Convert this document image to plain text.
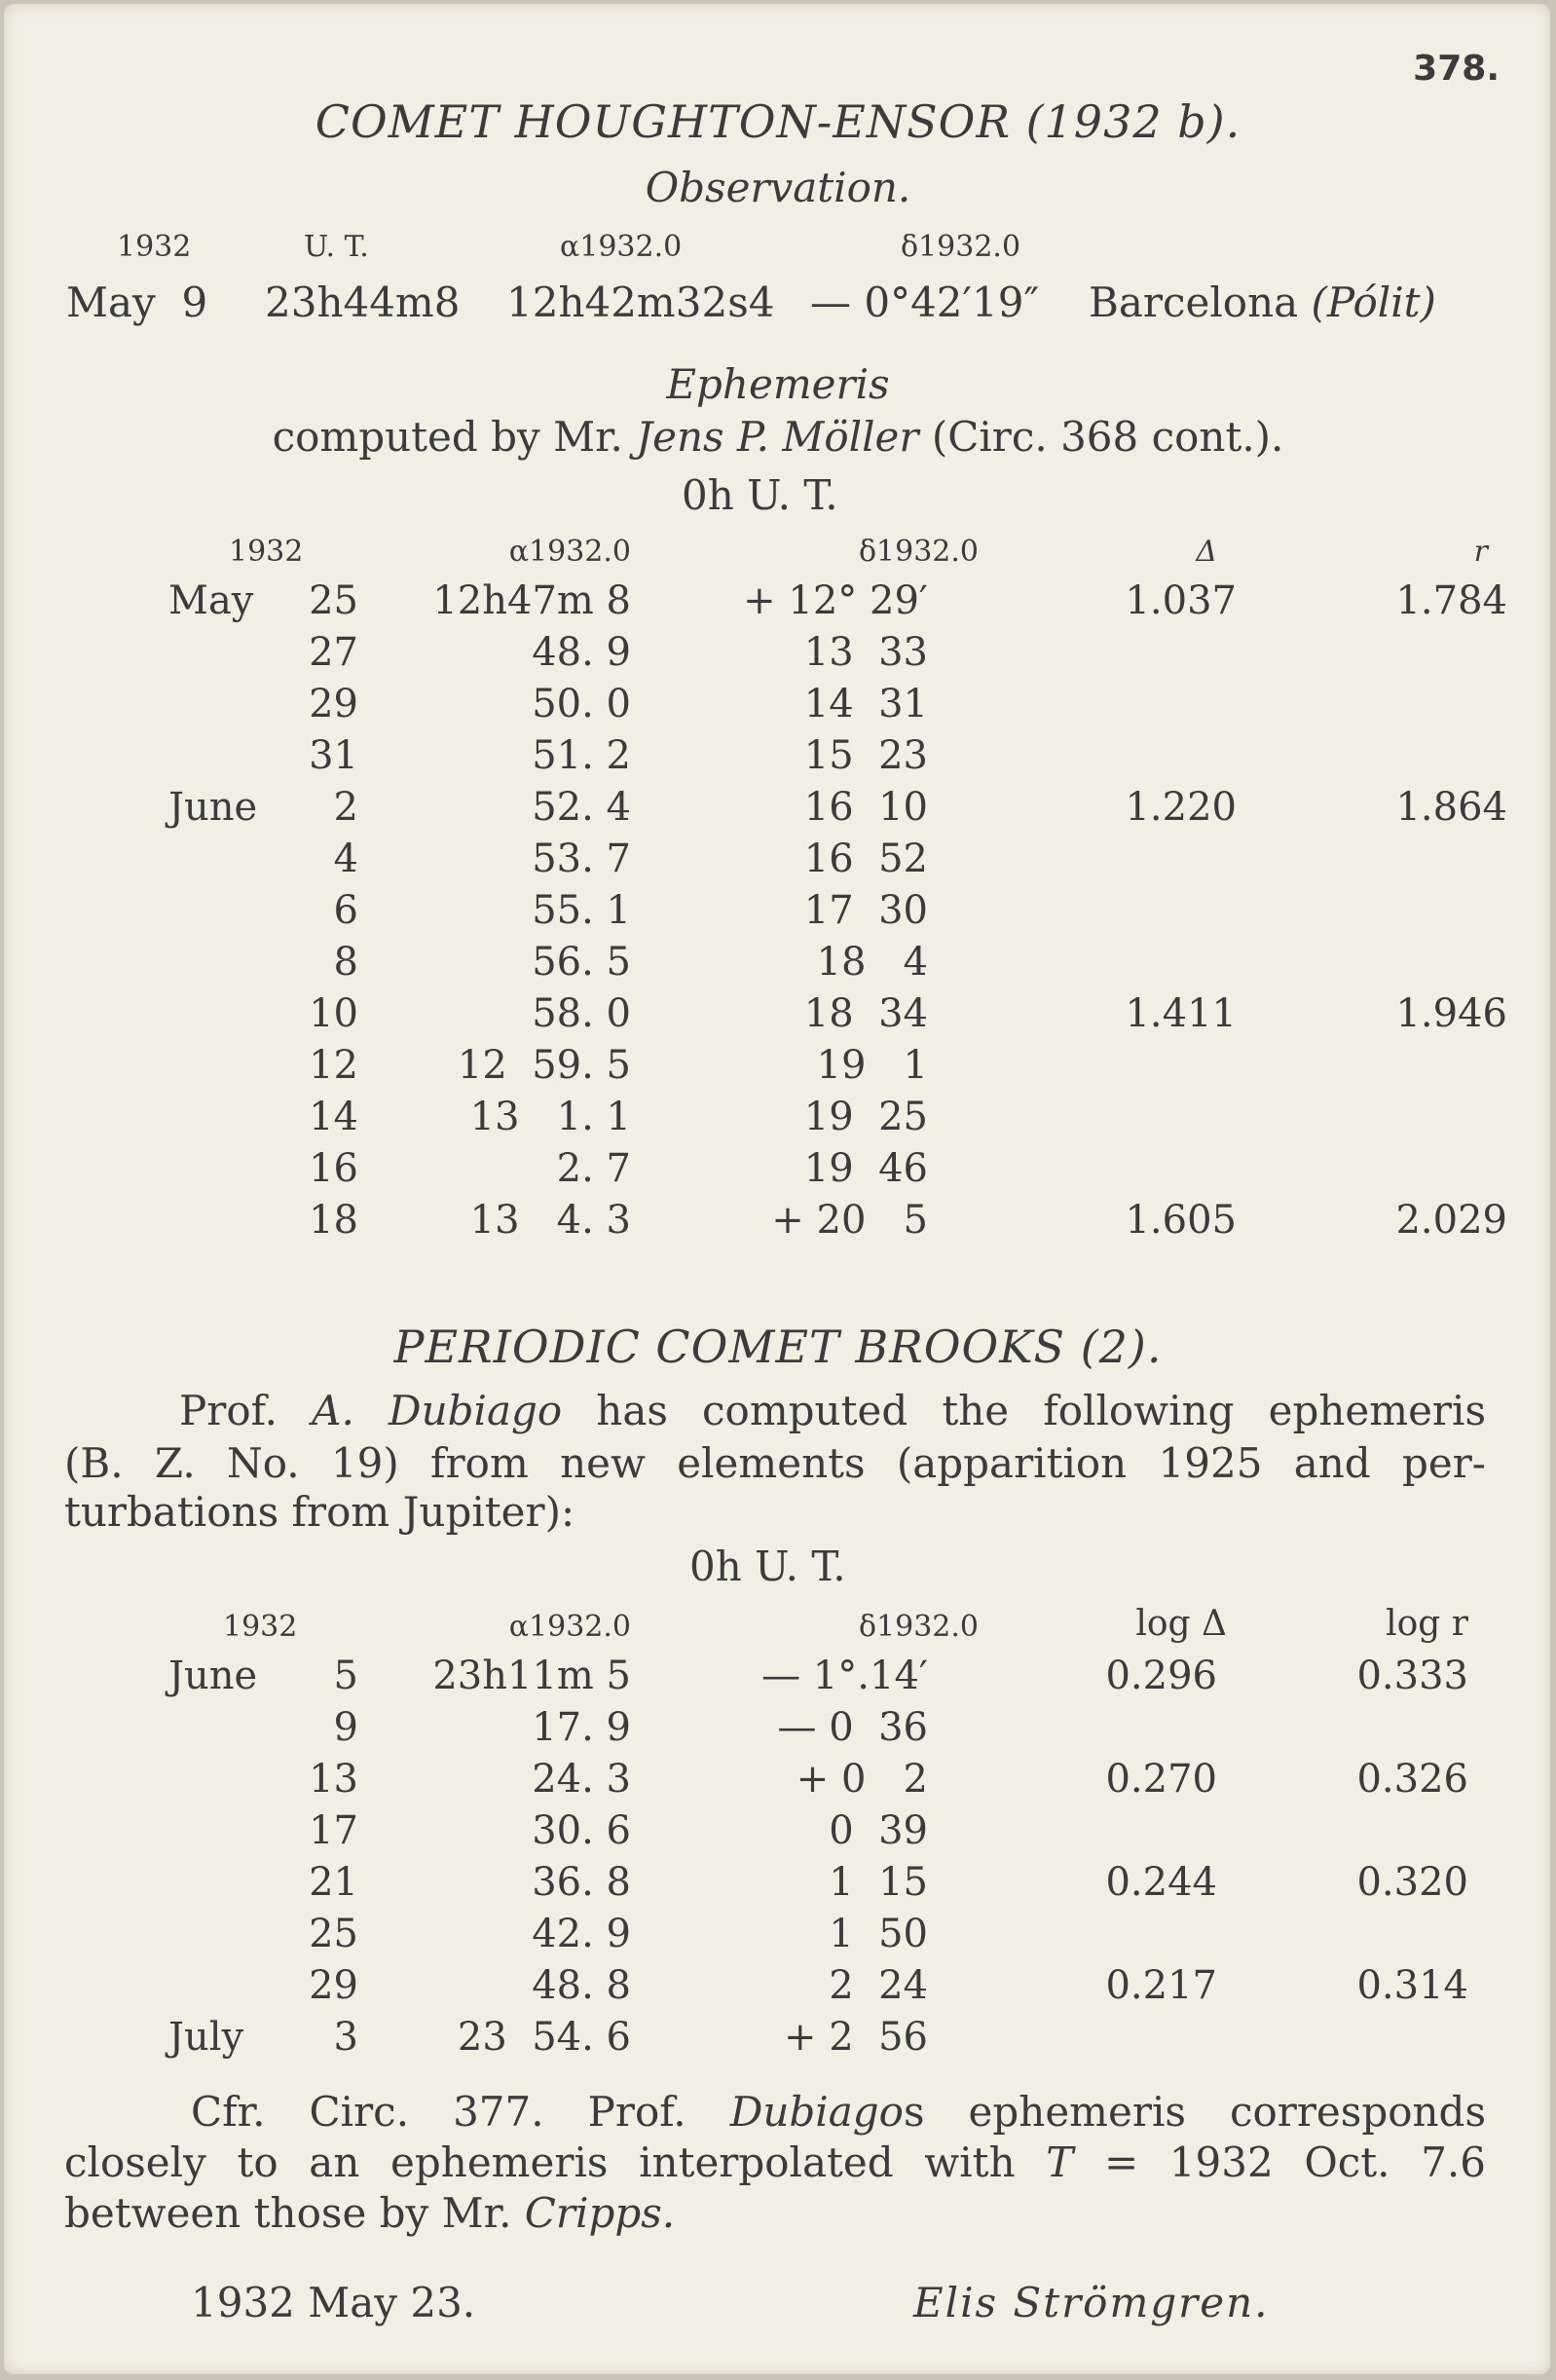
378.
COMET HOUGHTON-ENSOR (1932 b).
Observation.
1932	U. T.	α1932.0	δ1932.0
May  9 23h44m8 12h42m32s4 — 0°42′19″ Barcelona (Pólit)
Ephemeris
computed by Mr. Jens P. Möller (Circ. 368 cont.).
0h U. T.
1932		α1932.0	δ1932.0	Δ	r
May	25	12h47m 8	+ 12° 29′	1.037	1.784
	27	48. 9	13  33		
	29	50. 0	14  31		
	31	51. 2	15  23		
June	2	52. 4	16  10	1.220	1.864
	4	53. 7	16  52		
	6	55. 1	17  30		
	8	56. 5	18   4		
	10	58. 0	18  34	1.411	1.946
	12	12  59. 5	19   1		
	14	13   1. 1	19  25		
	16	2. 7	19  46		
	18	13   4. 3	+ 20   5	1.605	2.029
PERIODIC COMET BROOKS (2).
Prof. A. Dubiago has computed the following ephemeris
(B. Z. No. 19) from new elements (apparition 1925 and per-
turbations from Jupiter):
0h U. T.
1932		α1932.0	δ1932.0	log Δ	log r
June	5	23h11m 5	— 1°.14′	0.296	0.333
	9	17. 9	— 0  36		
	13	24. 3	+ 0   2	0.270	0.326
	17	30. 6	0  39		
	21	36. 8	1  15	0.244	0.320
	25	42. 9	1  50		
	29	48. 8	2  24	0.217	0.314
July	3	23  54. 6	+ 2  56		
Cfr. Circ. 377. Prof. Dubiagos ephemeris corresponds
closely to an ephemeris interpolated with T = 1932 Oct. 7.6
between those by Mr. Cripps.
1932 May 23.	Elis Strömgren.
